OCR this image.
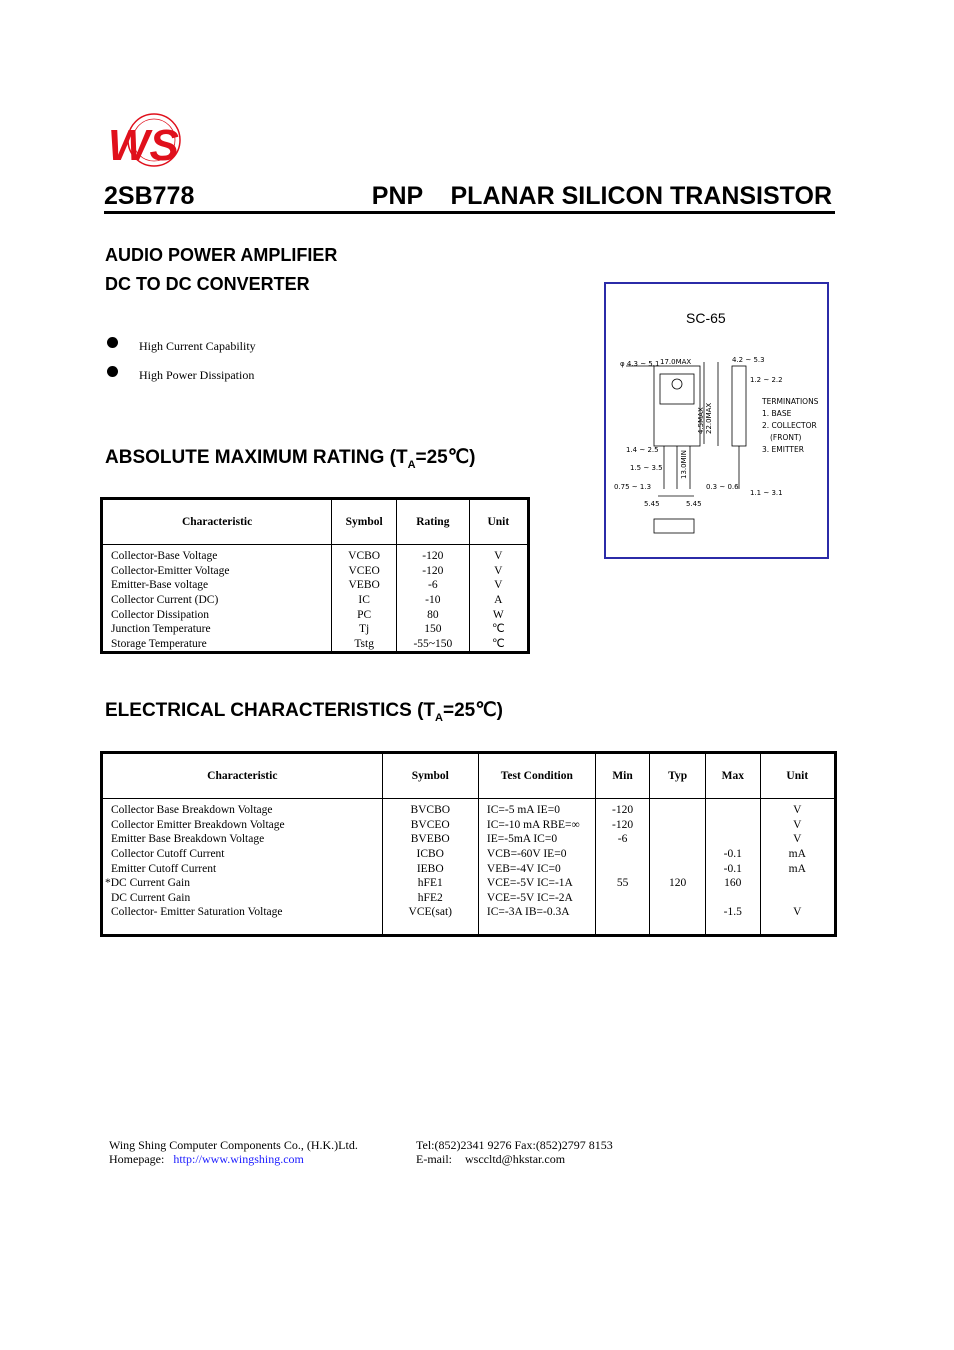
WS
2SB778	PNP    PLANAR SILICON TRANSISTOR
AUDIO POWER AMPLIFIER
DC TO DC CONVERTER
High Current Capability
High Power Dissipation
SC-65
φ 4.3 ~ 5.1 17.0MAX	4.2 ~ 5.3
1.2 ~ 2.2
1.4 ~ 2.5
1.5 ~ 3.5
0.75 ~ 1.3	0.3 ~ 0.6
1.1 ~ 3.1
5.45	5.45
4.5MAX 22.0MAX
13.0MIN
TERMINATIONS
1. BASE
2. COLLECTOR
(FRONT)
3. EMITTER
ABSOLUTE MAXIMUM RATING $(T_A=25℃)$
Characteristic	Symbol	Rating	Unit
Collector-Base Voltage	VCBO	-120	V
Collector-Emitter Voltage	VCEO	-120	V
Emitter-Base voltage	VEBO	-6	V
Collector Current (DC)	IC	-10	A
Collector Dissipation	PC	80	W
Junction Temperature	Tj	150	℃
Storage Temperature	Tstg	-55~150	℃
ELECTRICAL CHARACTERISTICS $(T_A=25℃)$
Characteristic	Symbol	Test Condition	Min	Typ	Max	Unit
Collector Base Breakdown Voltage	BVCBO	IC=-5 mA IE=0	-120			V
Collector Emitter Breakdown Voltage	BVCEO	IC=-10 mA RBE=∞	-120			V
Emitter Base Breakdown Voltage	BVEBO	IE=-5mA IC=0	-6			V
Collector Cutoff Current	ICBO	VCB=-60V IE=0			-0.1	mA
Emitter Cutoff Current	IEBO	VEB=-4V IC=0			-0.1	mA
*DC Current Gain	hFE1	VCE=-5V IC=-1A	55	120	160	
DC Current Gain	hFE2	VCE=-5V IC=-2A				
Collector- Emitter Saturation Voltage	VCE(sat)	IC=-3A IB=-0.3A			-1.5	V
Wing Shing Computer Components Co., (H.K.)Ltd.
Homepage: http://www.wingshing.com
Tel:(852)2341 9276 Fax:(852)2797 8153
E-mail: wsccltd@hkstar.com
